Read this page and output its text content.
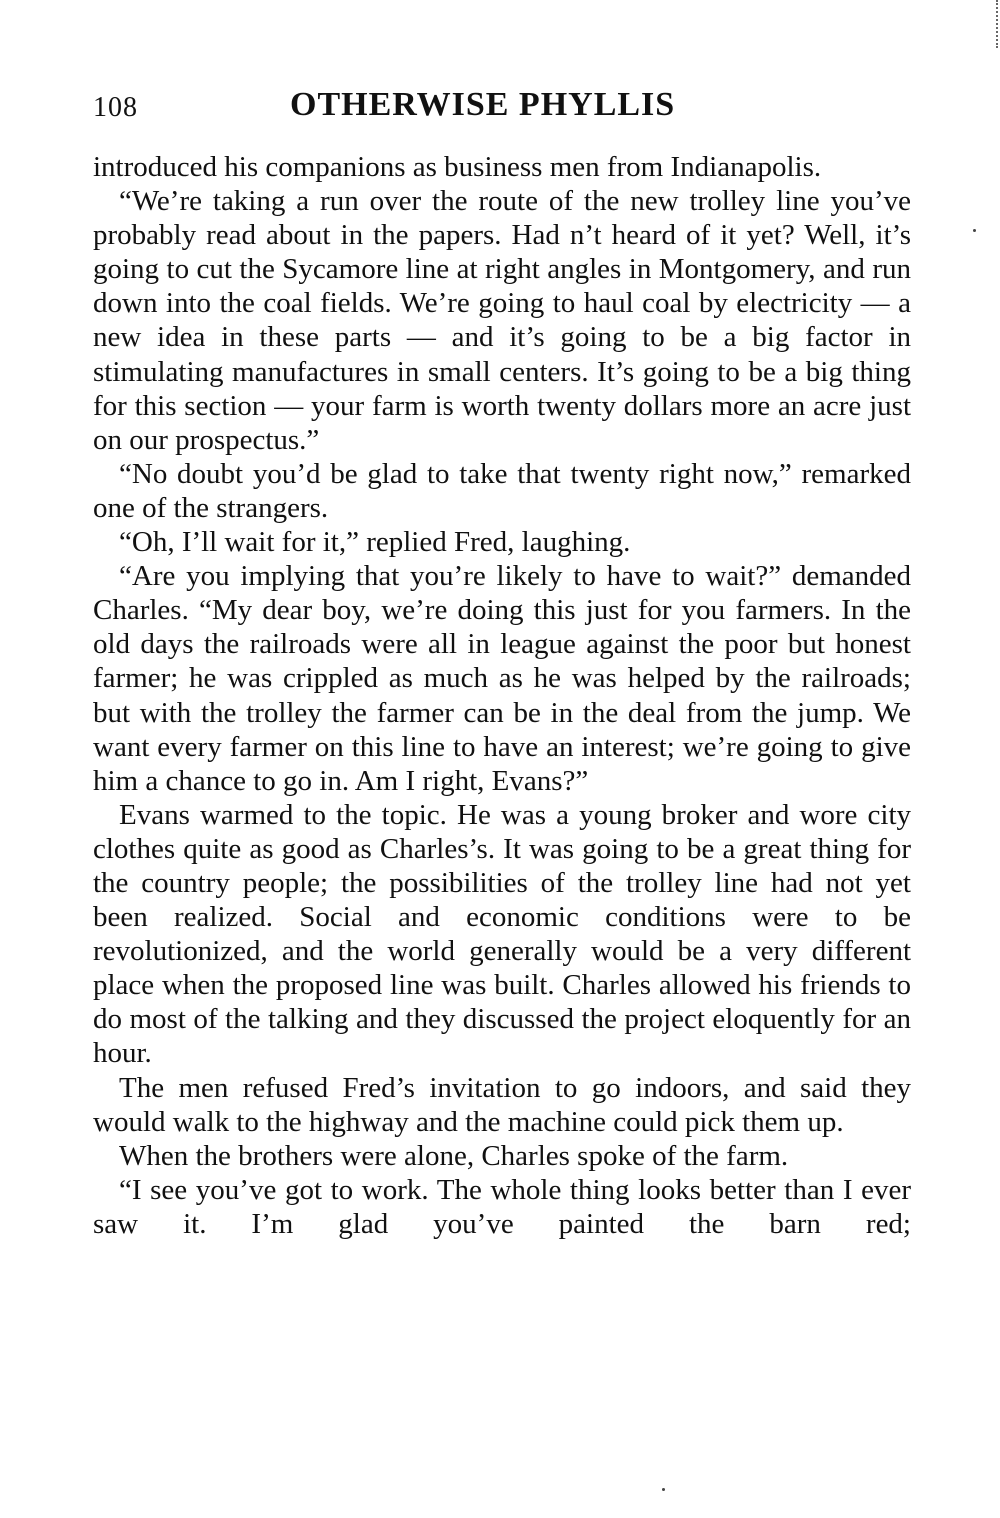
108	OTHERWISE PHYLLIS

introduced his companions as business men from Indianapolis.

“We’re taking a run over the route of the new trolley line you’ve probably read about in the papers. Had n’t heard of it yet? Well, it’s going to cut the Sycamore line at right angles in Montgomery, and run down into the coal fields. We’re going to haul coal by electricity — a new idea in these parts — and it’s going to be a big factor in stimulating manufactures in small centers. It’s going to be a big thing for this section — your farm is worth twenty dollars more an acre just on our prospectus.”

“No doubt you’d be glad to take that twenty right now,” remarked one of the strangers.

“Oh, I’ll wait for it,” replied Fred, laughing.

“Are you implying that you’re likely to have to wait?” demanded Charles. “My dear boy, we’re doing this just for you farmers. In the old days the railroads were all in league against the poor but honest farmer; he was crippled as much as he was helped by the railroads; but with the trolley the farmer can be in the deal from the jump. We want every farmer on this line to have an interest; we’re going to give him a chance to go in. Am I right, Evans?”

Evans warmed to the topic. He was a young broker and wore city clothes quite as good as Charles’s. It was going to be a great thing for the country people; the possibilities of the trolley line had not yet been realized. Social and economic conditions were to be revolutionized, and the world generally would be a very different place when the proposed line was built. Charles allowed his friends to do most of the talking and they discussed the project eloquently for an hour.

The men refused Fred’s invitation to go indoors, and said they would walk to the highway and the machine could pick them up.

When the brothers were alone, Charles spoke of the farm.

“I see you’ve got to work. The whole thing looks better than I ever saw it. I’m glad you’ve painted the barn red;
